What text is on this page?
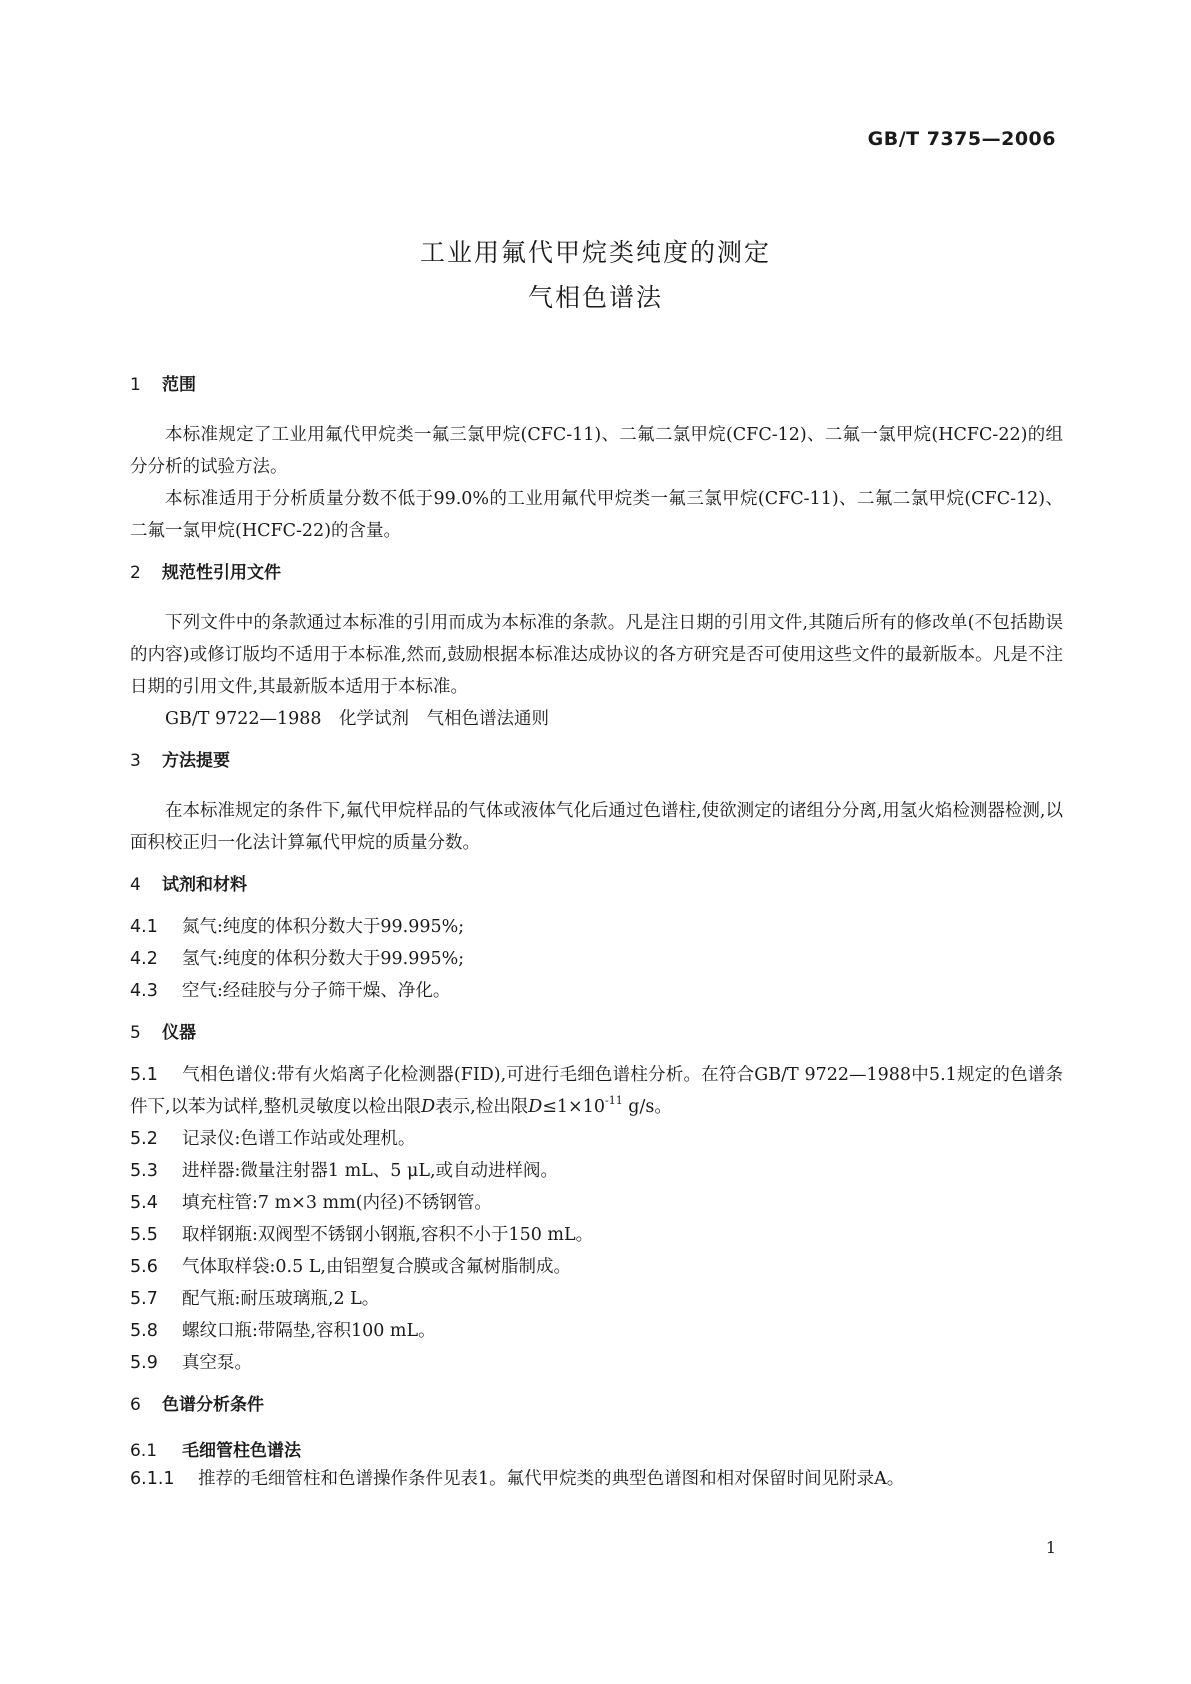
GB/T 7375—2006
工业用氟代甲烷类纯度的测定
气相色谱法
1 范围
本标准规定了工业用氟代甲烷类一氟三氯甲烷(CFC-11)、二氟二氯甲烷(CFC-12)、二氟一氯甲烷(HCFC-22)的组分分析的试验方法。
本标准适用于分析质量分数不低于99.0%的工业用氟代甲烷类一氟三氯甲烷(CFC-11)、二氟二氯甲烷(CFC-12)、二氟一氯甲烷(HCFC-22)的含量。
2 规范性引用文件
下列文件中的条款通过本标准的引用而成为本标准的条款。凡是注日期的引用文件,其随后所有的修改单(不包括勘误的内容)或修订版均不适用于本标准,然而,鼓励根据本标准达成协议的各方研究是否可使用这些文件的最新版本。凡是不注日期的引用文件,其最新版本适用于本标准。
GB/T 9722—1988　化学试剂　气相色谱法通则
3 方法提要
在本标准规定的条件下,氟代甲烷样品的气体或液体气化后通过色谱柱,使欲测定的诸组分分离,用氢火焰检测器检测,以面积校正归一化法计算氟代甲烷的质量分数。
4 试剂和材料
4.1 氮气:纯度的体积分数大于99.995%;
4.2 氢气:纯度的体积分数大于99.995%;
4.3 空气:经硅胶与分子筛干燥、净化。
5 仪器
5.1 气相色谱仪:带有火焰离子化检测器(FID),可进行毛细色谱柱分析。在符合GB/T 9722—1988中5.1规定的色谱条件下,以苯为试样,整机灵敏度以检出限D表示,检出限$D\le 1\times 10^{-11}$ g/s。
5.2 记录仪:色谱工作站或处理机。
5.3 进样器:微量注射器1 mL、5 μL,或自动进样阀。
5.4 填充柱管:7 m×3 mm(内径)不锈钢管。
5.5 取样钢瓶:双阀型不锈钢小钢瓶,容积不小于150 mL。
5.6 气体取样袋:0.5 L,由铝塑复合膜或含氟树脂制成。
5.7 配气瓶:耐压玻璃瓶,2 L。
5.8 螺纹口瓶:带隔垫,容积100 mL。
5.9 真空泵。
6 色谱分析条件
6.1 毛细管柱色谱法
6.1.1 推荐的毛细管柱和色谱操作条件见表1。氟代甲烷类的典型色谱图和相对保留时间见附录A。
1
